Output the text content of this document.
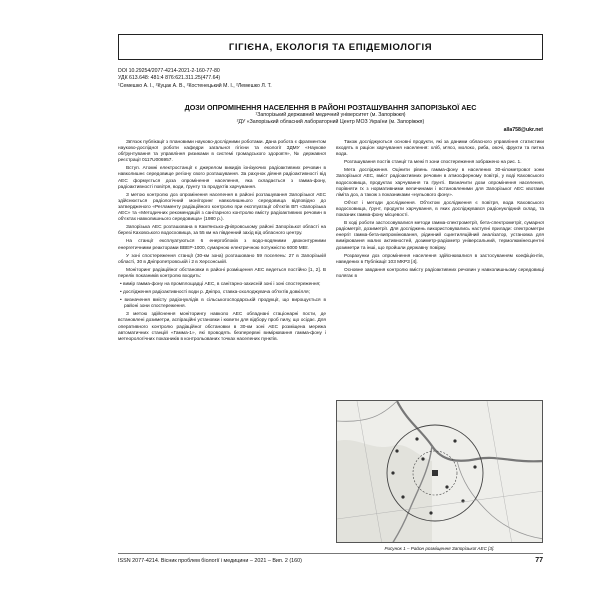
ГІГІЄНА, ЕКОЛОГІЯ ТА ЕПІДЕМІОЛОГІЯ
DOI 10.29254/2077-4214-2021-2-160-77-80
УДК 613.648: 481:4 876:621.311.25(477.64)
¹Семешко А. І., ²Куцак А. В., ²Костенецький М. І., ²Лемешко Л. Т.
ДОЗИ ОПРОМІНЕННЯ НАСЕЛЕННЯ В РАЙОНІ РОЗТАШУВАННЯ ЗАПОРІЗЬКОЇ АЕС
¹Запорізький державний медичний університет (м. Запоріжжя)
²ДУ «Запорізький обласний лабораторний Центр МОЗ України (м. Запоріжжя)
alla758@ukr.net

Зв'язок публікації з плановими науково-дослідними роботами. Дана робота є фрагментом науково-дослідної роботи кафедри загальної гігієни та екології ЗДМУ «Наукове обґрунтування та управління ризиками в системі громадського здоров'я», № державної реєстрації 0117U006957.

Вступ. Атомні електростанції є джерелом викидів іонізуючих радіоактивних речовин в навколишнє середовище регіону свого розташування. За рахунок діяння радіоактивності від АЕС формується доза опромінення населення, яка складається з гамма-фону, радіоактивності повітря, води, ґрунту та продуктів харчування.

З метою контролю доз опромінення населення в районі розташування Запорізької АЕС здійснюється радіологічний моніторинг навколишнього середовища відповідно до затвердженого «Регламенту радіаційного контролю при експлуатації об'єктів ВП «Запорізька АЕС» та «Методичних рекомендацій з санітарного контролю вмісту радіоактивних речовин в об'єктах навколишнього середовища» (1980 р.).

Запорізька АЕС розташована в Кам'янсько-Дніпровському районі Запорізької області на березі Каховського водосховища, за 55 км на південний захід від обласного центру.

На станції експлуатуються 6 енергоблоків з водо-водяними двоконтурними енергетичними реакторами ВВЕР-1000, сумарною електричною потужністю 6000 МВт.

У зоні спостереження станції (30-км зона) розташовано 59 поселень: 27 в Запорізькій області, 30 в Дніпропетровській і 2 в Херсонській.

Моніторинг радіаційної обстановки в районі розміщення АЕС ведеться постійно [1, 2]. В перелік показників контролю входить:

• вимір гамма-фону на промплощадці АЕС, в санітарно-захисній зоні і зоні спостереження;

• дослідження радіоактивності води р. Дніпро, ставка-охолоджувача об'єктів довкілля;

• визначення вмісту радіонуклідів в сільськогосподарській продукції, що вирощується в районі зони спостереження.

З метою здійснення моніторингу навколо АЕС обладнані стаціонарні пости, де встановлені дозиметри, аспіраційні установки і кювети для відбору проб пилу, що осідає. Для оперативного контролю радіаційної обстановки в 30-км зоні АЕС розміщена мережа автоматичних станцій «Гамма-1», які проводять безперервні вимірювання гамма-фону і метеорологічних показників в контрольованих точках населених пунктів.

Також досліджуються основні продукти, які за даними обласного управління статистики входять в раціон харчування населення: хліб, м'ясо, молоко, риба, овочі, фрукти та питна вода.

Розташування постів станції та межі її зони спостереження зображено на рис. 1.

Мета дослідження. Оцінити рівень гамма-фону в населених 30-кілометрової зони Запорізької АЕС, вміст радіоактивних речовин в атмосферному повітрі, у воді Каховського водосховища, продуктах харчування та ґрунті. Визначити дози опромінення населення, порівняти їх з нормативними величинами і встановленими для Запорізької АЕС квотами ліміта доз, а також з показниками «нульового фону».

Об'єкт і методи дослідження. Об'єктом дослідження є повітря, вода Каховського водосховища, ґрунт, продукти харчування, в яких досліджувався радіонуклідний склад, та показник гамма-фону місцевості.

В ході роботи застосовувалися методи гамма-спектрометрії, бета-спектрометрії, сумарної радіометрії, дозиметрії. Для досліджень використовувались наступні прилади: спектрометри енергії гамма-бета-випромінювання, рідинний сцинтиляційний аналізатор, установка для вимірювання малих активностей, дозиметр-радіометр універсальний, термолюмінесцентні дозиметри та інші, що пройшли державну повірку.

Розрахунки доз опромінення населення здійснювалися в застосуванням коефіцієнтів, наведених в Публікації 103 МКРЗ [4].

Основне завдання контролю вмісту радіоактивних речовин у навколишньому середовищі полягає в

Рисунок 1 – Район розміщення Запорізької АЕС [3].
ISSN 2077-4214. Вісник проблем біології і медицини – 2021 – Вип. 2 (160)	77
